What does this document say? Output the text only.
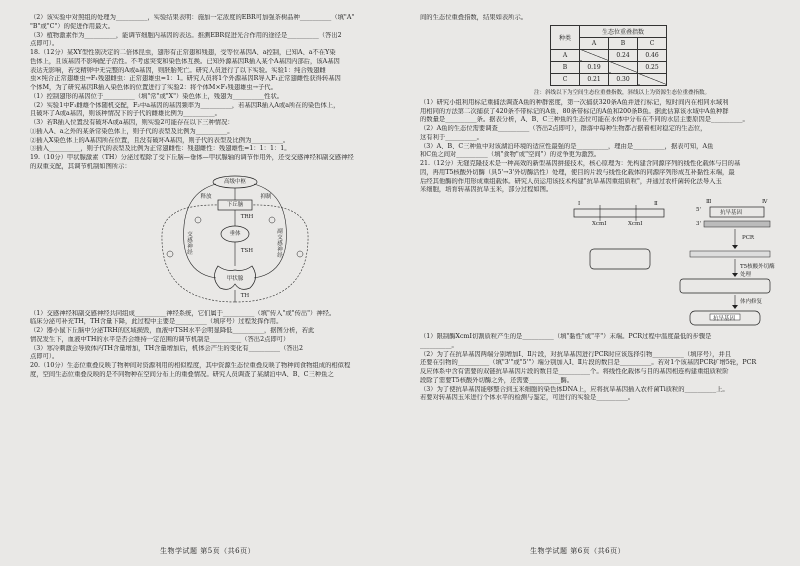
（2）该实验中对照组的处理为__________，实验结果表明：施加一定浓度的EBR可加强茶树品种__________（填"A"
"B"或"C"）的促进作用最大。
（3）植物激素作为__________，能调节细胞内基因的表达。推测EBR促进光合作用的途径是__________（答出2
点即可）。
18.（12分）某XY型性别决定的二倍体昆虫，翅形有正常翅和残翅，受等位基因A、a控制，已知A、a不在Y染
色体上，且该基因不影响配子活性。不考虑突变和染色体互换。已知外源基因R插入某个A基因内部后，该A基因
表达无影响，若受精卵中无完整的A或a基因，则胚胎死亡。研究人员进行了以下实验。实验1：纯合残翅雌
虫×纯合正常翅雄虫→F₁残翅雌虫：正常翅雄虫=1：1。研究人员将1个外源基因R导入F₁正常翅雌性获得转基因
个体M，为了研究基因R插入染色体的位置进行了实验2：将个体M×F₁残翅雄虫→子代。
（1）控制翅形的基因位于__________（填"常"或"X"）染色体上，残翅为__________性状。
（2）实验1中F₁雌雄个体随机交配，F₂中a基因的基因频率为__________，若基因R插入A或a所在的染色体上，
且破坏了A或a基因，则该种情况下的子代的雌雄比例为__________。
（3）若R插入位置没有破坏A或a基因，则实验2可能存在以下三种情况：
①插入A、a之外的某条常染色体上，则子代的表型及比例为__________。
②插入X染色体上的A基因所在位置，且没有破坏A基因，则子代的表型及比例为__________。
③插入__________，则子代的表型及比例为正常翅雌性：残翅雌性：残翅雄性=1：1：1：1。
19.（10分）甲状腺激素（TH）分泌过程除了受下丘脑—垂体—甲状腺轴的调节作用外，还受交感神经和副交感神经
的双重支配，其调节机制如图所示：
高级中枢
下丘脑
TRH
垂体
TSH
甲状腺
TH
交感神经
副交感神经
释放	抑制
（1）交感神经和副交感神经共同组成__________神经系统，它们属于__________（填"传入"或"传出"）神经。
临床分泌可补充TH，TH含量下降，此过程中主要是__________（填序号）过程发挥作用。
（2）器小鼠下丘脑中分泌TRH的区域损毁，血液中TSH水平会明显降低__________，据图分析，若此
情况发生下，血液中TH的水平是否会维持一定范围的调节机制是__________（答出2点即可）
（3）寒冷刺激会导致体内TH含量增加，TH含量增加后，机体会产生的变化有__________（答出2
点即可）。
20.（10分）生态位重叠反映了物种间对资源利用的相似程度，其中资源生态位重叠反映了物种间食物组成的相似程
度，空间生态位重叠反映的是不同物种在空间分布上的重叠情况。研究人员调查了某湖泊中A、B、C三种鱼之
生物学试题 第5页（共6页）
间的生态位重叠指数，结果如表所示。
种类	生态位重叠指数		
	A	B	C
A		0.24	0.46
B	0.19		0.25
C	0.21	0.30	
注：斜线以下为空间生态位重叠指数，斜线以上为资源生态位重叠指数。
（1）研究小组利用标记重捕法调查A鱼的种群密度，第一次捕获320条A鱼并进行标记，短时间内在相同水域利
用相同的方法第二次捕获了420条不带标记的A鱼、80条带标记的A鱼和200条B鱼。据此估算该水域中A鱼种群
的数量是__________条。据表分析，A、B、C三种鱼的生态位可能在水体中分布在不同的水层主要原因是__________。
（2）A鱼的生态位需要调查__________（答出2点即可），群落中每种生物都占据着相对稳定的生态位，
这有利于__________。
（3）A、B、C三种鱼中对该湖泊环境的适应性最强的是__________，理由是__________，据表可知，A鱼
和C鱼之间对__________（填"食物"或"空间"）的竞争更为激烈。
21.（12分）无缝克隆技术是一种高效的新型基因拼接技术，核心原理为：先构建含同源序列的线性化载体与目的基
因，再用T5核酸外切酶（具5'→3'外切酶活性）处理，使目的片段与线性化载体的同源序列形成互补黏性末端，最
后经其他酶的作用形成重组载体。研究人员运用该技术构建"抗旱基因重组质粒"，并通过农杆菌转化法导入玉
米细胞，培育转基因抗旱玉米，部分过程如图。
XcmⅠ	XcmⅠ
抗旱基因
PCR
T5核酸外切酶处理
体内修复
抗旱基因
Ⅰ	Ⅱ	Ⅲ	Ⅳ
5'
3'
（1）限制酶XcmⅠ切割质粒产生的是__________（填"黏性"或"平"）末端。PCR过程中温度最低的步骤是
__________。
（2）为了在抗旱基因两端分别增加Ⅰ、Ⅱ片段，对抗旱基因进行PCR时应该选择引物__________（填序号），并且
还要在引物的__________（填"3'"或"5'"）端分别加入Ⅰ、Ⅱ片段的数目是__________。若对1个该基因PCR扩增5轮，PCR
反应体系中含有需要的双链抗旱基因片段的数目是__________个。将线性化载体与目的基因相连构建重组质粒阶
段除了需要T5核酸外切酶之外，还需要__________酶。
（3）为了使抗旱基因能够整合到玉米细胞的染色体DNA上，应将抗旱基因插入农杆菌Ti质粒的__________上。
若要对转基因玉米进行个体水平的检测与鉴定，可进行的实验是__________。
生物学试题 第6页（共6页）
